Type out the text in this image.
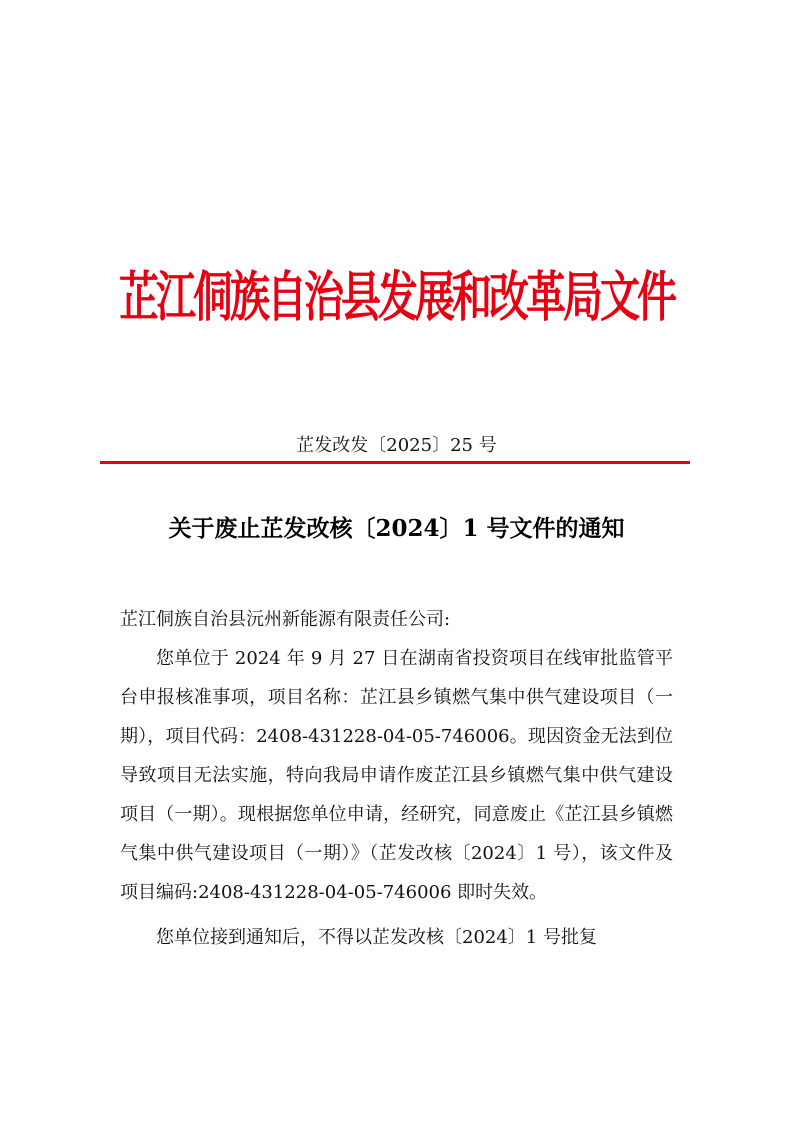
芷江侗族自治县发展和改革局文件
芷发改发〔2025〕25 号
关于废止芷发改核〔2024〕1 号文件的通知
芷江侗族自治县沅州新能源有限责任公司:
您单位于 2024 年 9 月 27 日在湖南省投资项目在线审批监管平台申报核准事项，项目名称：芷江县乡镇燃气集中供气建设项目（一期），项目代码：2408-431228-04-05-746006。现因资金无法到位导致项目无法实施，特向我局申请作废芷江县乡镇燃气集中供气建设项目（一期）。现根据您单位申请，经研究，同意废止《芷江县乡镇燃气集中供气建设项目（一期）》（芷发改核〔2024〕1 号），该文件及项目编码:2408-431228-04-05-746006 即时失效。
您单位接到通知后，不得以芷发改核〔2024〕1 号批复
